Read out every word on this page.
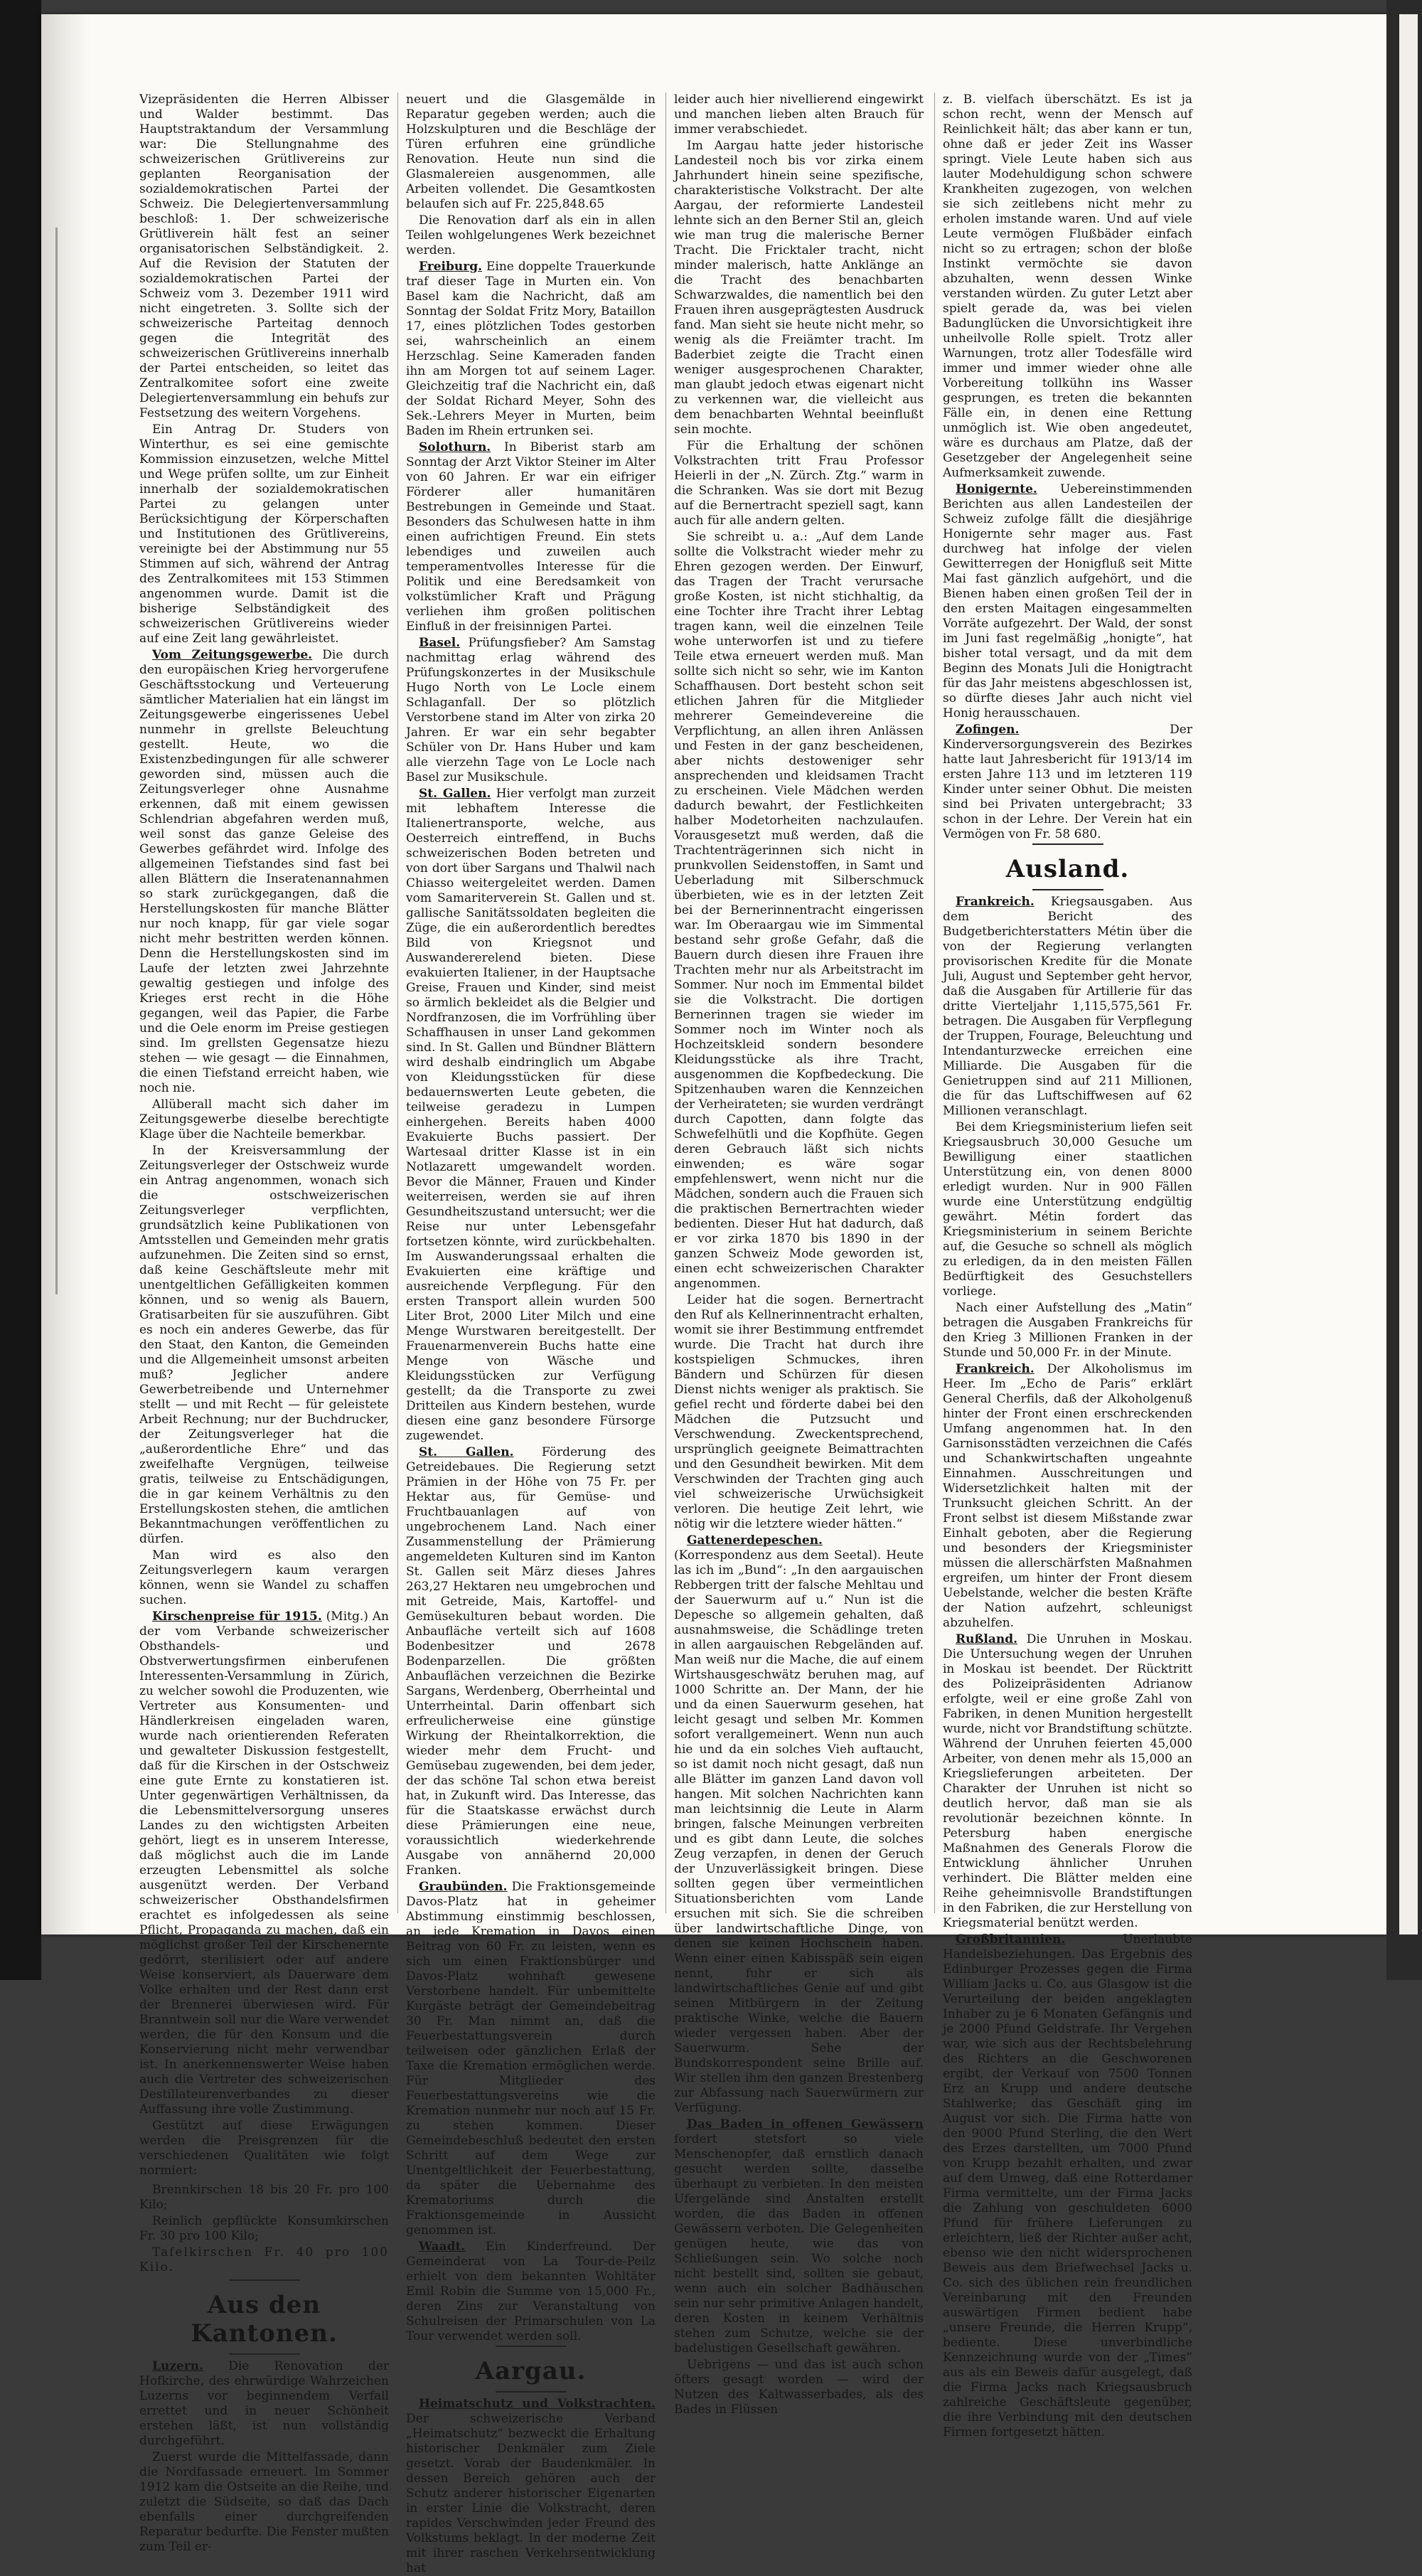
Vizepräsidenten die Herren Albisser und Walder bestimmt. Das Hauptstraktandum der Versammlung war: Die Stellungnahme des schweizerischen Grütlivereins zur geplanten Reorganisation der sozialdemokratischen Partei der Schweiz. Die Delegiertenversammlung beschloß: 1. Der schweizerische Grütliverein hält fest an seiner organisatorischen Selbständigkeit. 2. Auf die Revision der Statuten der sozialdemokratischen Partei der Schweiz vom 3. Dezember 1911 wird nicht eingetreten. 3. Sollte sich der schweizerische Parteitag dennoch gegen die Integrität des schweizerischen Grütlivereins innerhalb der Partei entscheiden, so leitet das Zentralkomitee sofort eine zweite Delegiertenversammlung ein behufs zur Festsetzung des weitern Vorgehens.

Ein Antrag Dr. Studers von Winterthur, es sei eine gemischte Kommission einzusetzen, welche Mittel und Wege prüfen sollte, um zur Einheit innerhalb der sozialdemokratischen Partei zu gelangen unter Berücksichtigung der Körperschaften und Institutionen des Grütlivereins, vereinigte bei der Abstimmung nur 55 Stimmen auf sich, während der Antrag des Zentralkomitees mit 153 Stimmen angenommen wurde. Damit ist die bisherige Selbständigkeit des schweizerischen Grütlivereins wieder auf eine Zeit lang gewährleistet.

Vom Zeitungsgewerbe. Die durch den europäischen Krieg hervorgerufene Geschäftsstockung und Verteuerung sämtlicher Materialien hat ein längst im Zeitungsgewerbe eingerissenes Uebel nunmehr in grellste Beleuchtung gestellt. Heute, wo die Existenzbedingungen für alle schwerer geworden sind, müssen auch die Zeitungsverleger ohne Ausnahme erkennen, daß mit einem gewissen Schlendrian abgefahren werden muß, weil sonst das ganze Geleise des Gewerbes gefährdet wird. Infolge des allgemeinen Tiefstandes sind fast bei allen Blättern die Inseratenannahmen so stark zurückgegangen, daß die Herstellungskosten für manche Blätter nur noch knapp, für gar viele sogar nicht mehr bestritten werden können. Denn die Herstellungskosten sind im Laufe der letzten zwei Jahrzehnte gewaltig gestiegen und infolge des Krieges erst recht in die Höhe gegangen, weil das Papier, die Farbe und die Oele enorm im Preise gestiegen sind. Im grellsten Gegensatze hiezu stehen — wie gesagt — die Einnahmen, die einen Tiefstand erreicht haben, wie noch nie.

Allüberall macht sich daher im Zeitungsgewerbe dieselbe berechtigte Klage über die Nachteile bemerkbar.

In der Kreisversammlung der Zeitungsverleger der Ostschweiz wurde ein Antrag angenommen, wonach sich die ostschweizerischen Zeitungsverleger verpflichten, grundsätzlich keine Publikationen von Amtsstellen und Gemeinden mehr gratis aufzunehmen. Die Zeiten sind so ernst, daß keine Geschäftsleute mehr mit unentgeltlichen Gefälligkeiten kommen können, und so wenig als Bauern, Gratisarbeiten für sie auszuführen. Gibt es noch ein anderes Gewerbe, das für den Staat, den Kanton, die Gemeinden und die Allgemeinheit umsonst arbeiten muß? Jeglicher andere Gewerbetreibende und Unternehmer stellt — und mit Recht — für geleistete Arbeit Rechnung; nur der Buchdrucker, der Zeitungsverleger hat die „außerordentliche Ehre“ und das zweifelhafte Vergnügen, teilweise gratis, teilweise zu Entschädigungen, die in gar keinem Verhältnis zu den Erstellungskosten stehen, die amtlichen Bekanntmachungen veröffentlichen zu dürfen.

Man wird es also den Zeitungsverlegern kaum verargen können, wenn sie Wandel zu schaffen suchen.

Kirschenpreise für 1915. (Mitg.) An der vom Verbande schweizerischer Obsthandels- und Obstverwertungsfirmen einberufenen Interessenten-Versammlung in Zürich, zu welcher sowohl die Produzenten, wie Vertreter aus Konsumenten- und Händlerkreisen eingeladen waren, wurde nach orientierenden Referaten und gewalteter Diskussion festgestellt, daß für die Kirschen in der Ostschweiz eine gute Ernte zu konstatieren ist. Unter gegenwärtigen Verhältnissen, da die Lebensmittelversorgung unseres Landes zu den wichtigsten Arbeiten gehört, liegt es in unserem Interesse, daß möglichst auch die im Lande erzeugten Lebensmittel als solche ausgenützt werden. Der Verband schweizerischer Obsthandelsfirmen erachtet es infolgedessen als seine Pflicht, Propaganda zu machen, daß ein möglichst großer Teil der Kirschenernte gedörrt, sterilisiert oder auf andere Weise konserviert, als Dauerware dem Volke erhalten und der Rest dann erst der Brennerei überwiesen wird. Für Branntwein soll nur die Ware verwendet werden, die für den Konsum und die Konservierung nicht mehr verwendbar ist. In anerkennenswerter Weise haben auch die Vertreter des schweizerischen Destillateurenverbandes zu dieser Auffassung ihre volle Zustimmung.

Gestützt auf diese Erwägungen werden die Preisgrenzen für die verschiedenen Qualitäten wie folgt normiert:

Brennkirschen 18 bis 20 Fr. pro 100 Kilo;

Reinlich gepflückte Konsumkirschen Fr. 30 pro 100 Kilo;

Tafelkirschen Fr. 40 pro 100 Kilo.

Aus den Kantonen.

Luzern. Die Renovation der Hofkirche, des ehrwürdige Wahrzeichen Luzerns vor beginnendem Verfall errettet und in neuer Schönheit erstehen läßt, ist nun vollständig durchgeführt.

Zuerst wurde die Mittelfassade, dann die Nordfassade erneuert. Im Sommer 1912 kam die Ostseite an die Reihe, und zuletzt die Südseite, so daß das Dach ebenfalls einer durchgreifenden Reparatur bedurfte. Die Fenster mußten zum Teil er-

neuert und die Glasgemälde in Reparatur gegeben werden; auch die Holzskulpturen und die Beschläge der Türen erfuhren eine gründliche Renovation. Heute nun sind die Glasmalereien ausgenommen, alle Arbeiten vollendet. Die Gesamtkosten belaufen sich auf Fr. 225,848.65

Die Renovation darf als ein in allen Teilen wohlgelungenes Werk bezeichnet werden.

Freiburg. Eine doppelte Trauerkunde traf dieser Tage in Murten ein. Von Basel kam die Nachricht, daß am Sonntag der Soldat Fritz Mory, Bataillon 17, eines plötzlichen Todes gestorben sei, wahrscheinlich an einem Herzschlag. Seine Kameraden fanden ihn am Morgen tot auf seinem Lager. Gleichzeitig traf die Nachricht ein, daß der Soldat Richard Meyer, Sohn des Sek.-Lehrers Meyer in Murten, beim Baden im Rhein ertrunken sei.

Solothurn. In Biberist starb am Sonntag der Arzt Viktor Steiner im Alter von 60 Jahren. Er war ein eifriger Förderer aller humanitären Bestrebungen in Gemeinde und Staat. Besonders das Schulwesen hatte in ihm einen aufrichtigen Freund. Ein stets lebendiges und zuweilen auch temperamentvolles Interesse für die Politik und eine Beredsamkeit von volkstümlicher Kraft und Prägung verliehen ihm großen politischen Einfluß in der freisinnigen Partei.

Basel. Prüfungsfieber? Am Samstag nachmittag erlag während des Prüfungskonzertes in der Musikschule Hugo North von Le Locle einem Schlaganfall. Der so plötzlich Verstorbene stand im Alter von zirka 20 Jahren. Er war ein sehr begabter Schüler von Dr. Hans Huber und kam alle vierzehn Tage von Le Locle nach Basel zur Musikschule.

St. Gallen. Hier verfolgt man zurzeit mit lebhaftem Interesse die Italienertransporte, welche, aus Oesterreich eintreffend, in Buchs schweizerischen Boden betreten und von dort über Sargans und Thalwil nach Chiasso weitergeleitet werden. Damen vom Samariterverein St. Gallen und st. gallische Sanitätssoldaten begleiten die Züge, die ein außerordentlich beredtes Bild von Kriegsnot und Auswandererelend bieten. Diese evakuierten Italiener, in der Hauptsache Greise, Frauen und Kinder, sind meist so ärmlich bekleidet als die Belgier und Nordfranzosen, die im Vorfrühling über Schaffhausen in unser Land gekommen sind. In St. Gallen und Bündner Blättern wird deshalb eindringlich um Abgabe von Kleidungsstücken für diese bedauernswerten Leute gebeten, die teilweise geradezu in Lumpen einhergehen. Bereits haben 4000 Evakuierte Buchs passiert. Der Wartesaal dritter Klasse ist in ein Notlazarett umgewandelt worden. Bevor die Männer, Frauen und Kinder weiterreisen, werden sie auf ihren Gesundheitszustand untersucht; wer die Reise nur unter Lebensgefahr fortsetzen könnte, wird zurückbehalten. Im Auswanderungssaal erhalten die Evakuierten eine kräftige und ausreichende Verpflegung. Für den ersten Transport allein wurden 500 Liter Brot, 2000 Liter Milch und eine Menge Wurstwaren bereitgestellt. Der Frauenarmenverein Buchs hatte eine Menge von Wäsche und Kleidungsstücken zur Verfügung gestellt; da die Transporte zu zwei Dritteilen aus Kindern bestehen, wurde diesen eine ganz besondere Fürsorge zugewendet.

St. Gallen. Förderung des Getreidebaues. Die Regierung setzt Prämien in der Höhe von 75 Fr. per Hektar aus, für Gemüse- und Fruchtbauanlagen auf von ungebrochenem Land. Nach einer Zusammenstellung der Prämierung angemeldeten Kulturen sind im Kanton St. Gallen seit März dieses Jahres 263,27 Hektaren neu umgebrochen und mit Getreide, Mais, Kartoffel- und Gemüsekulturen bebaut worden. Die Anbaufläche verteilt sich auf 1608 Bodenbesitzer und 2678 Bodenparzellen. Die größten Anbauflächen verzeichnen die Bezirke Sargans, Werdenberg, Oberrheintal und Unterrheintal. Darin offenbart sich erfreulicherweise eine günstige Wirkung der Rheintalkorrektion, die wieder mehr dem Frucht- und Gemüsebau zugewenden, bei dem jeder, der das schöne Tal schon etwa bereist hat, in Zukunft wird. Das Interesse, das für die Staatskasse erwächst durch diese Prämierungen eine neue, voraussichtlich wiederkehrende Ausgabe von annähernd 20,000 Franken.

Graubünden. Die Fraktionsgemeinde Davos-Platz hat in geheimer Abstimmung einstimmig beschlossen, an jede Kremation in Davos einen Beitrag von 60 Fr. zu leisten, wenn es sich um einen Fraktionsbürger und Davos-Platz wohnhaft gewesene Verstorbene handelt. Für unbemittelte Kurgäste beträgt der Gemeindebeitrag 30 Fr. Man nimmt an, daß die Feuerbestattungsverein durch teilweisen oder gänzlichen Erlaß der Taxe die Kremation ermöglichen werde. Für Mitglieder des Feuerbestattungsvereins wie die Kremation nunmehr nur noch auf 15 Fr. zu stehen kommen. Dieser Gemeindebeschluß bedeutet den ersten Schritt auf dem Wege zur Unentgeltlichkeit der Feuerbestattung, da später die Uebernahme des Krematoriums durch die Fraktionsgemeinde in Aussicht genommen ist.

Waadt. Ein Kinderfreund. Der Gemeinderat von La Tour-de-Peilz erhielt von dem bekannten Wohltäter Emil Robin die Summe von 15,000 Fr., deren Zins zur Veranstaltung von Schulreisen der Primarschulen von La Tour verwendet werden soll.

Aargau.

Heimatschutz und Volkstrachten. Der schweizerische Verband „Heimatschutz“ bezweckt die Erhaltung historischer Denkmäler zum Ziele gesetzt. Vorab der Baudenkmäler. In dessen Bereich gehören auch der Schutz anderer historischer Eigenarten in erster Linie die Volkstracht, deren rapides Verschwinden jeder Freund des Volkstums beklagt. In der moderne Zeit mit ihrer raschen Verkehrsentwicklung hat

leider auch hier nivellierend eingewirkt und manchen lieben alten Brauch für immer verabschiedet.

Im Aargau hatte jeder historische Landesteil noch bis vor zirka einem Jahrhundert hinein seine spezifische, charakteristische Volkstracht. Der alte Aargau, der reformierte Landesteil lehnte sich an den Berner Stil an, gleich wie man trug die malerische Berner Tracht. Die Fricktaler tracht, nicht minder malerisch, hatte Anklänge an die Tracht des benachbarten Schwarzwaldes, die namentlich bei den Frauen ihren ausgeprägtesten Ausdruck fand. Man sieht sie heute nicht mehr, so wenig als die Freiämter tracht. Im Baderbiet zeigte die Tracht einen weniger ausgesprochenen Charakter, man glaubt jedoch etwas eigenart nicht zu verkennen war, die vielleicht aus dem benachbarten Wehntal beeinflußt sein mochte.

Für die Erhaltung der schönen Volkstrachten tritt Frau Professor Heierli in der „N. Zürch. Ztg.“ warm in die Schranken. Was sie dort mit Bezug auf die Bernertracht speziell sagt, kann auch für alle andern gelten.

Sie schreibt u. a.: „Auf dem Lande sollte die Volkstracht wieder mehr zu Ehren gezogen werden. Der Einwurf, das Tragen der Tracht verursache große Kosten, ist nicht stichhaltig, da eine Tochter ihre Tracht ihrer Lebtag tragen kann, weil die einzelnen Teile wohe unterworfen ist und zu tiefere Teile etwa erneuert werden muß. Man sollte sich nicht so sehr, wie im Kanton Schaffhausen. Dort besteht schon seit etlichen Jahren für die Mitglieder mehrerer Gemeindevereine die Verpflichtung, an allen ihren Anlässen und Festen in der ganz bescheidenen, aber nichts destoweniger sehr ansprechenden und kleidsamen Tracht zu erscheinen. Viele Mädchen werden dadurch bewahrt, der Festlichkeiten halber Modetorheiten nachzulaufen. Vorausgesetzt muß werden, daß die Trachtenträgerinnen sich nicht in prunkvollen Seidenstoffen, in Samt und Ueberladung mit Silberschmuck überbieten, wie es in der letzten Zeit bei der Bernerinnentracht eingerissen war. Im Oberaargau wie im Simmental bestand sehr große Gefahr, daß die Bauern durch diesen ihre Frauen ihre Trachten mehr nur als Arbeitstracht im Sommer. Nur noch im Emmental bildet sie die Volkstracht. Die dortigen Bernerinnen tragen sie wieder im Sommer noch im Winter noch als Hochzeitskleid sondern besondere Kleidungsstücke als ihre Tracht, ausgenommen die Kopfbedeckung. Die Spitzenhauben waren die Kennzeichen der Verheirateten; sie wurden verdrängt durch Capotten, dann folgte das Schwefelhütli und die Kopfhüte. Gegen deren Gebrauch läßt sich nichts einwenden; es wäre sogar empfehlenswert, wenn nicht nur die Mädchen, sondern auch die Frauen sich die praktischen Bernertrachten wieder bedienten. Dieser Hut hat dadurch, daß er vor zirka 1870 bis 1890 in der ganzen Schweiz Mode geworden ist, einen echt schweizerischen Charakter angenommen.

Leider hat die sogen. Bernertracht den Ruf als Kellnerinnentracht erhalten, womit sie ihrer Bestimmung entfremdet wurde. Die Tracht hat durch ihre kostspieligen Schmuckes, ihren Bändern und Schürzen für diesen Dienst nichts weniger als praktisch. Sie gefiel recht und förderte dabei bei den Mädchen die Putzsucht und Verschwendung. Zweckentsprechend, ursprünglich geeignete Beimattrachten und den Gesundheit bewirken. Mit dem Verschwinden der Trachten ging auch viel schweizerische Urwüchsigkeit verloren. Die heutige Zeit lehrt, wie nötig wir die letztere wieder hätten.“

Gattenerdepeschen. (Korrespondenz aus dem Seetal). Heute las ich im „Bund“: „In den aargauischen Rebbergen tritt der falsche Mehltau und der Sauerwurm auf u.“ Nun ist die Depesche so allgemein gehalten, daß ausnahmsweise, die Schädlinge treten in allen aargauischen Rebgeländen auf. Man weiß nur die Mache, die auf einem Wirtshausgeschwätz beruhen mag, auf 1000 Schritte an. Der Mann, der hie und da einen Sauerwurm gesehen, hat leicht gesagt und selben Mr. Kommen sofort verallgemeinert. Wenn nun auch hie und da ein solches Vieh auftaucht, so ist damit noch nicht gesagt, daß nun alle Blätter im ganzen Land davon voll hangen. Mit solchen Nachrichten kann man leichtsinnig die Leute in Alarm bringen, falsche Meinungen verbreiten und es gibt dann Leute, die solches Zeug verzapfen, in denen der Geruch der Unzuverlässigkeit bringen. Diese sollten gegen über vermeintlichen Situationsberichten vom Lande ersuchen mit sich. Sie die schreiben über landwirtschaftliche Dinge, von denen sie keinen Hochschein haben. Wenn einer einen Kabisspäß sein eigen nennt, fuhr er sich als landwirtschaftliches Genie auf und gibt seinen Mitbürgern in der Zeitung praktische Winke, welche die Bauern wieder vergessen haben. Aber der Sauerwurm. Sehe der Bundskorrespondent seine Brille auf. Wir stellen ihm den ganzen Brestenberg zur Abfassung nach Sauerwürmern zur Verfügung.

Das Baden in offenen Gewässern fordert stetsfort so viele Menschenopfer, daß ernstlich danach gesucht werden sollte, dasselbe überhaupt zu verbieten. In den meisten Ufergelände sind Anstalten erstellt worden, die das Baden in offenen Gewässern verboten. Die Gelegenheiten genügen heute, wie das von Schließungen sein. Wo solche noch nicht bestellt sind, sollten sie gebaut, wenn auch ein solcher Badhäuschen sein nur sehr primitive Anlagen handelt, deren Kosten in keinem Verhältnis stehen zum Schutze, welche sie der badelustigen Gesellschaft gewähren.

Uebrigens — und das ist auch schon öfters gesagt worden — wird der Nutzen des Kaltwasserbades, als des Bades in Flüssen

z. B. vielfach überschätzt. Es ist ja schon recht, wenn der Mensch auf Reinlichkeit hält; das aber kann er tun, ohne daß er jeder Zeit ins Wasser springt. Viele Leute haben sich aus lauter Modehuldigung schon schwere Krankheiten zugezogen, von welchen sie sich zeitlebens nicht mehr zu erholen imstande waren. Und auf viele Leute vermögen Flußbäder einfach nicht so zu ertragen; schon der bloße Instinkt vermöchte sie davon abzuhalten, wenn dessen Winke verstanden würden. Zu guter Letzt aber spielt gerade da, was bei vielen Badunglücken die Unvorsichtigkeit ihre unheilvolle Rolle spielt. Trotz aller Warnungen, trotz aller Todesfälle wird immer und immer wieder ohne alle Vorbereitung tollkühn ins Wasser gesprungen, es treten die bekannten Fälle ein, in denen eine Rettung unmöglich ist. Wie oben angedeutet, wäre es durchaus am Platze, daß der Gesetzgeber der Angelegenheit seine Aufmerksamkeit zuwende.

Honigernte. Uebereinstimmenden Berichten aus allen Landesteilen der Schweiz zufolge fällt die diesjährige Honigernte sehr mager aus. Fast durchweg hat infolge der vielen Gewitterregen der Honigfluß seit Mitte Mai fast gänzlich aufgehört, und die Bienen haben einen großen Teil der in den ersten Maitagen eingesammelten Vorräte aufgezehrt. Der Wald, der sonst im Juni fast regelmäßig „honigte“, hat bisher total versagt, und da mit dem Beginn des Monats Juli die Honigtracht für das Jahr meistens abgeschlossen ist, so dürfte dieses Jahr auch nicht viel Honig herausschauen.

Zofingen.	Der Kinderversorgungsverein des Bezirkes hatte laut Jahresbericht für 1913/14 im ersten Jahre 113 und im letzteren 119 Kinder unter seiner Obhut. Die meisten sind bei Privaten untergebracht; 33 schon in der Lehre. Der Verein hat ein Vermögen von Fr. 58 680.

Ausland.

Frankreich. Kriegsausgaben. Aus dem Bericht des Budgetberichterstatters Métin über die von der Regierung verlangten provisorischen Kredite für die Monate Juli, August und September geht hervor, daß die Ausgaben für Artillerie für das dritte Vierteljahr 1,115,575,561 Fr. betragen. Die Ausgaben für Verpflegung der Truppen, Fourage, Beleuchtung und Intendanturzwecke erreichen eine Milliarde. Die Ausgaben für die Genietruppen sind auf 211 Millionen, die für das Luftschiffwesen auf 62 Millionen veranschlagt.

Bei dem Kriegsministerium liefen seit Kriegsausbruch 30,000 Gesuche um Bewilligung einer staatlichen Unterstützung ein, von denen 8000 erledigt wurden. Nur in 900 Fällen wurde eine Unterstützung endgültig gewährt. Métin fordert das Kriegsministerium in seinem Berichte auf, die Gesuche so schnell als möglich zu erledigen, da in den meisten Fällen Bedürftigkeit des Gesuchstellers vorliege.

Nach einer Aufstellung des „Matin“ betragen die Ausgaben Frankreichs für den Krieg 3 Millionen Franken in der Stunde und 50,000 Fr. in der Minute.

Frankreich. Der Alkoholismus im Heer. Im „Echo de Paris“ erklärt General Cherfils, daß der Alkoholgenuß hinter der Front einen erschreckenden Umfang angenommen hat. In den Garnisonsstädten verzeichnen die Cafés und Schankwirtschaften ungeahnte Einnahmen. Ausschreitungen und Widersetzlichkeit halten mit der Trunksucht gleichen Schritt. An der Front selbst ist diesem Mißstande zwar Einhalt geboten, aber die Regierung und besonders der Kriegsminister müssen die allerschärfsten Maßnahmen ergreifen, um hinter der Front diesem Uebelstande, welcher die besten Kräfte der Nation aufzehrt, schleunigst abzuhelfen.

Rußland. Die Unruhen in Moskau. Die Untersuchung wegen der Unruhen in Moskau ist beendet. Der Rücktritt des Polizeipräsidenten Adrianow erfolgte, weil er eine große Zahl von Fabriken, in denen Munition hergestellt wurde, nicht vor Brandstiftung schützte. Während der Unruhen feierten 45,000 Arbeiter, von denen mehr als 15,000 an Kriegslieferungen arbeiteten. Der Charakter der Unruhen ist nicht so deutlich hervor, daß man sie als revolutionär bezeichnen könnte. In Petersburg haben energische Maßnahmen des Generals Florow die Entwicklung ähnlicher Unruhen verhindert. Die Blätter melden eine Reihe geheimnisvolle Brandstiftungen in den Fabriken, die zur Herstellung von Kriegsmaterial benützt werden.

Großbritannien.	Unerlaubte Handelsbeziehungen. Das Ergebnis des Edinburger Prozesses gegen die Firma William Jacks u. Co. aus Glasgow ist die Verurteilung der beiden angeklagten Inhaber zu je 6 Monaten Gefängnis und je 2000 Pfund Geldstrafe. Ihr Vergehen war, wie sich aus der Rechtsbelehrung des Richters an die Geschworenen ergibt, der Verkauf von 7500 Tonnen Erz an Krupp und andere deutsche Stahlwerke; das Geschäft ging im August vor sich. Die Firma hatte von den 9000 Pfund Sterling, die den Wert des Erzes darstellten, um 7000 Pfund von Krupp bezahlt erhalten, und zwar auf dem Umweg, daß eine Rotterdamer Firma vermittelte, um der Firma Jacks die Zahlung von geschuldeten 6000 Pfund für frühere Lieferungen zu erleichtern, ließ der Richter außer acht, ebenso wie den nicht widersprochenen Beweis aus dem Briefwechsel Jacks u. Co. sich des üblichen rein freundlichen Vereinbarung mit den Freunden auswärtigen Firmen bedient habe „unsere Freunde, die Herren Krupp“, bediente. Diese unverbindliche Kennzeichnung wurde von der „Times“ aus als ein Beweis dafür ausgelegt, daß die Firma Jacks nach Kriegsausbruch zahlreiche Geschäftsleute gegenüber, die ihre Verbindung mit den deutschen Firmen fortgesetzt hätten.
